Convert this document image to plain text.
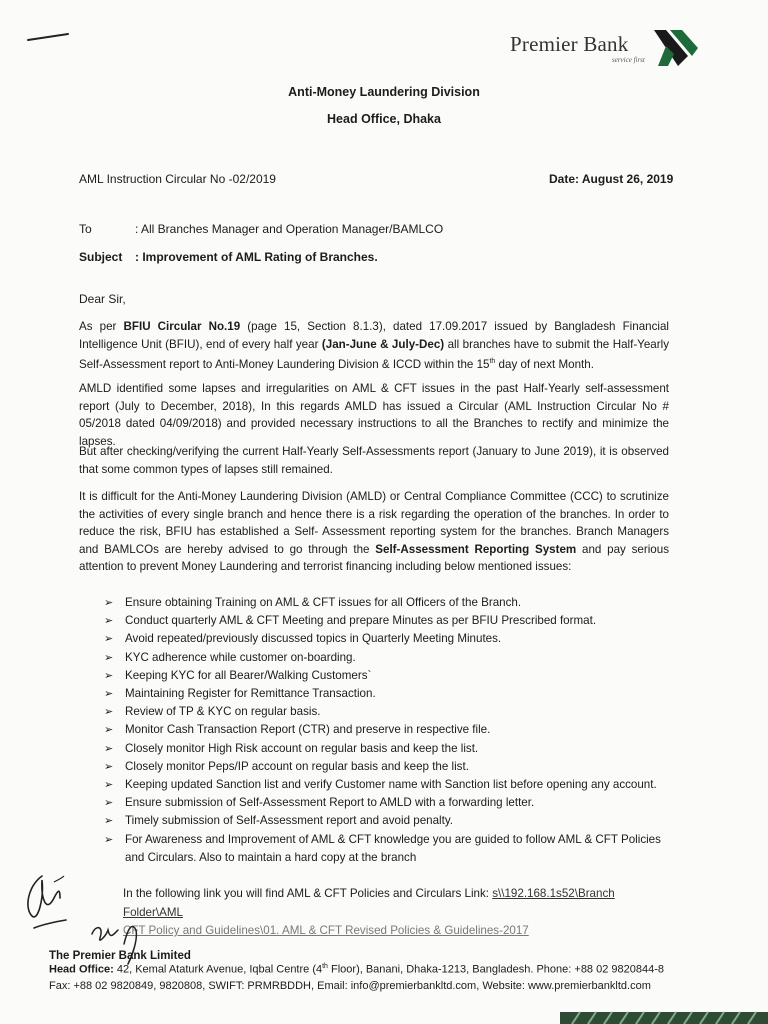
Premier Bank
service first
Anti-Money Laundering Division
Head Office, Dhaka
AML Instruction Circular No -02/2019	Date: August 26, 2019
To	: All Branches Manager and Operation Manager/BAMLCO
Subject : Improvement of AML Rating of Branches.
Dear Sir,
As per BFIU Circular No.19 (page 15, Section 8.1.3), dated 17.09.2017 issued by Bangladesh Financial Intelligence Unit (BFIU), end of every half year (Jan-June & July-Dec) all branches have to submit the Half-Yearly Self-Assessment report to Anti-Money Laundering Division & ICCD within the 15th day of next Month.
AMLD identified some lapses and irregularities on AML & CFT issues in the past Half-Yearly self-assessment report (July to December, 2018), In this regards AMLD has issued a Circular (AML Instruction Circular No # 05/2018 dated 04/09/2018) and provided necessary instructions to all the Branches to rectify and minimize the lapses.
But after checking/verifying the current Half-Yearly Self-Assessments report (January to June 2019), it is observed that some common types of lapses still remained.
It is difficult for the Anti-Money Laundering Division (AMLD) or Central Compliance Committee (CCC) to scrutinize the activities of every single branch and hence there is a risk regarding the operation of the branches. In order to reduce the risk, BFIU has established a Self- Assessment reporting system for the branches. Branch Managers and BAMLCOs are hereby advised to go through the Self-Assessment Reporting System and pay serious attention to prevent Money Laundering and terrorist financing including below mentioned issues:
➢ Ensure obtaining Training on AML & CFT issues for all Officers of the Branch.
➢ Conduct quarterly AML & CFT Meeting and prepare Minutes as per BFIU Prescribed format.
➢ Avoid repeated/previously discussed topics in Quarterly Meeting Minutes.
➢ KYC adherence while customer on-boarding.
➢ Keeping KYC for all Bearer/Walking Customers`
➢ Maintaining Register for Remittance Transaction.
➢ Review of TP & KYC on regular basis.
➢ Monitor Cash Transaction Report (CTR) and preserve in respective file.
➢ Closely monitor High Risk account on regular basis and keep the list.
➢ Closely monitor Peps/IP account on regular basis and keep the list.
➢ Keeping updated Sanction list and verify Customer name with Sanction list before opening any account.
➢ Ensure submission of Self-Assessment Report to AMLD with a forwarding letter.
➢ Timely submission of Self-Assessment report and avoid penalty.
➢ For Awareness and Improvement of AML & CFT knowledge you are guided to follow AML & CFT Policies and Circulars. Also to maintain a hard copy at the branch
In the following link you will find AML & CFT Policies and Circulars Link: s\\192.168.1s52\Branch Folder\AML
CFT Policy and Guidelines\01. AML & CFT Revised Policies & Guidelines-2017
The Premier Bank Limited
Head Office: 42, Kemal Ataturk Avenue, Iqbal Centre (4th Floor), Banani, Dhaka-1213, Bangladesh. Phone: +88 02 9820844-8
Fax: +88 02 9820849, 9820808, SWIFT: PRMRBDDH, Email: info@premierbankltd.com, Website: www.premierbankltd.com
